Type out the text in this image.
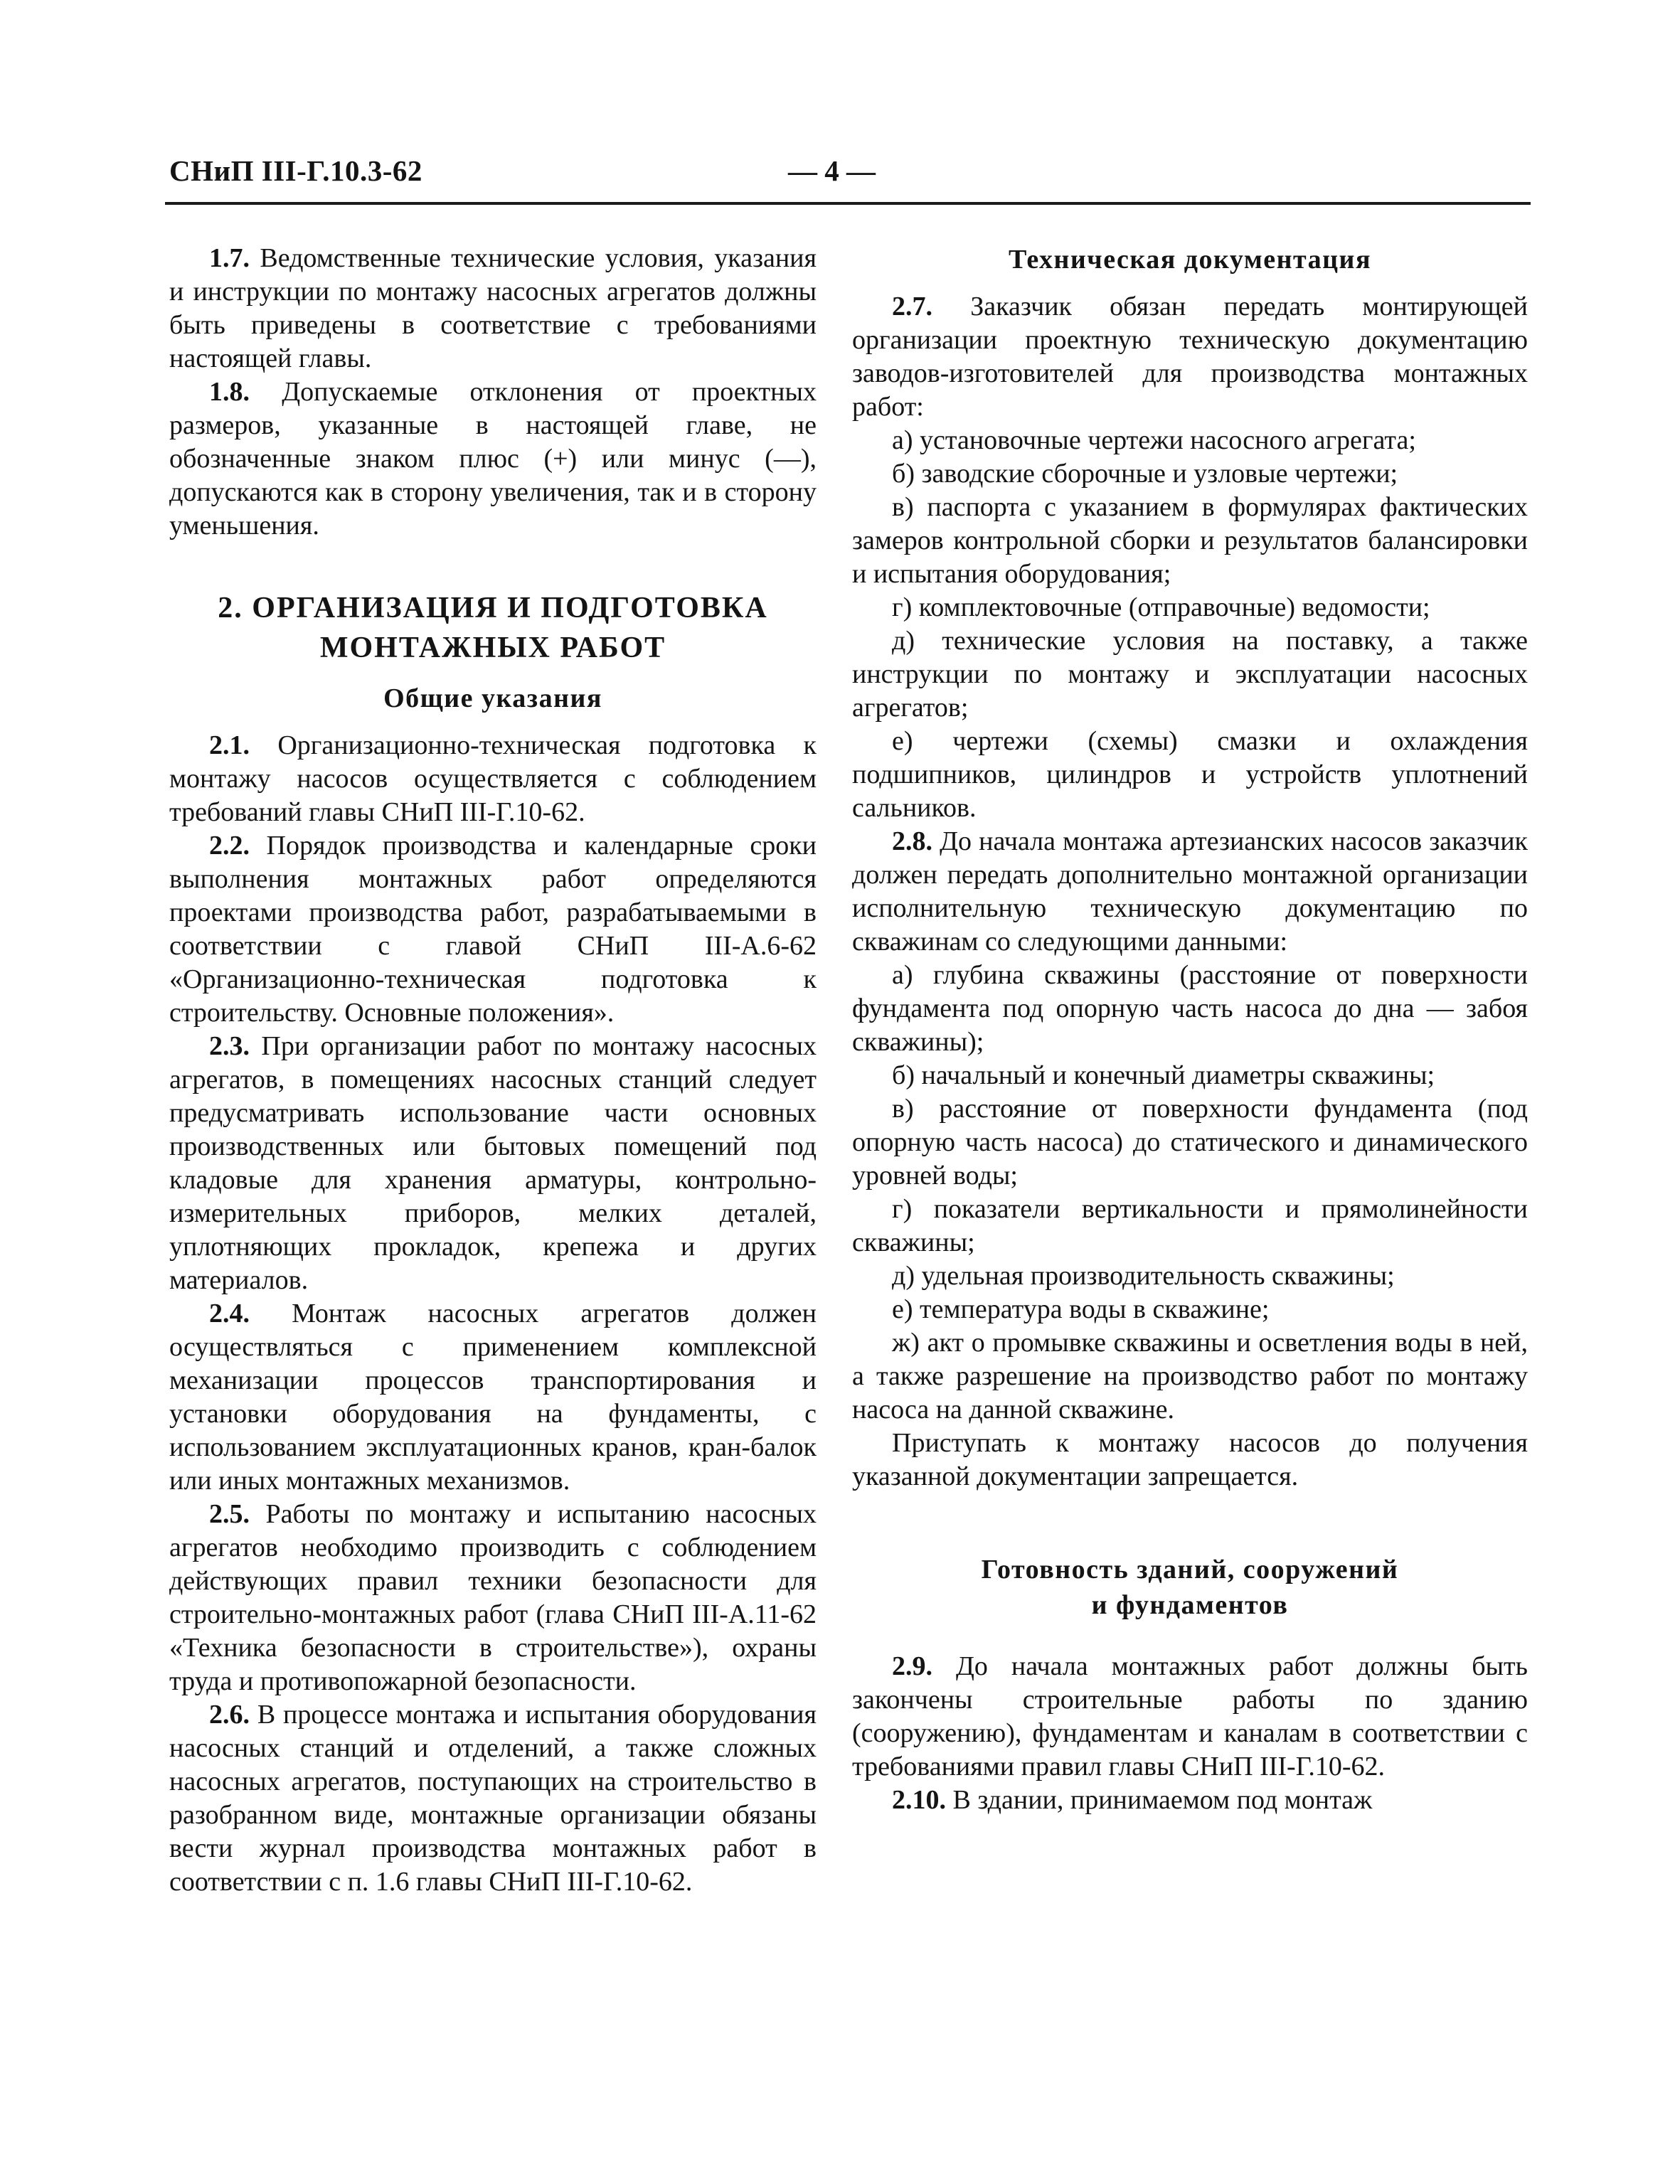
СНиП III-Г.10.3-62	— 4 —

1.7. Ведомственные технические условия, указания и инструкции по монтажу насосных агрегатов должны быть приведены в соответствие с требованиями настоящей главы.

1.8. Допускаемые отклонения от проектных размеров, указанные в настоящей главе, не обозначенные знаком плюс (+) или минус (—), допускаются как в сторону увеличения, так и в сторону уменьшения.

2. ОРГАНИЗАЦИЯ И ПОДГОТОВКА
МОНТАЖНЫХ РАБОТ
Общие указания

2.1. Организационно-техническая подготовка к монтажу насосов осуществляется с соблюдением требований главы СНиП III-Г.10-62.

2.2. Порядок производства и календарные сроки выполнения монтажных работ определяются проектами производства работ, разрабатываемыми в соответствии с главой СНиП III-А.6-62 «Организационно-техническая подготовка к строительству. Основные положения».

2.3. При организации работ по монтажу насосных агрегатов, в помещениях насосных станций следует предусматривать использование части основных производственных или бытовых помещений под кладовые для хранения арматуры, контрольно-измерительных приборов, мелких деталей, уплотняющих прокладок, крепежа и других материалов.

2.4. Монтаж насосных агрегатов должен осуществляться с применением комплексной механизации процессов транспортирования и установки оборудования на фундаменты, с использованием эксплуатационных кранов, кран-балок или иных монтажных механизмов.

2.5. Работы по монтажу и испытанию насосных агрегатов необходимо производить с соблюдением действующих правил техники безопасности для строительно-монтажных работ (глава СНиП III-А.11-62 «Техника безопасности в строительстве»), охраны труда и противопожарной безопасности.

2.6. В процессе монтажа и испытания оборудования насосных станций и отделений, а также сложных насосных агрегатов, поступающих на строительство в разобранном виде, монтажные организации обязаны вести журнал производства монтажных работ в соответствии с п. 1.6 главы СНиП III-Г.10-62.

Техническая документация

2.7. Заказчик обязан передать монтирующей организации проектную техническую документацию заводов-изготовителей для производства монтажных работ:

а) установочные чертежи насосного агрегата;

б) заводские сборочные и узловые чертежи;

в) паспорта с указанием в формулярах фактических замеров контрольной сборки и результатов балансировки и испытания оборудования;

г) комплектовочные (отправочные) ведомости;

д) технические условия на поставку, а также инструкции по монтажу и эксплуатации насосных агрегатов;

е) чертежи (схемы) смазки и охлаждения подшипников, цилиндров и устройств уплотнений сальников.

2.8. До начала монтажа артезианских насосов заказчик должен передать дополнительно монтажной организации исполнительную техническую документацию по скважинам со следующими данными:

а) глубина скважины (расстояние от поверхности фундамента под опорную часть насоса до дна — забоя скважины);

б) начальный и конечный диаметры скважины;

в) расстояние от поверхности фундамента (под опорную часть насоса) до статического и динамического уровней воды;

г) показатели вертикальности и прямолинейности скважины;

д) удельная производительность скважины;

е) температура воды в скважине;

ж) акт о промывке скважины и осветления воды в ней, а также разрешение на производство работ по монтажу насоса на данной скважине.

Приступать к монтажу насосов до получения указанной документации запрещается.

Готовность зданий, сооружений
и фундаментов

2.9. До начала монтажных работ должны быть закончены строительные работы по зданию (сооружению), фундаментам и каналам в соответствии с требованиями правил главы СНиП III-Г.10-62.

2.10. В здании, принимаемом под монтаж
